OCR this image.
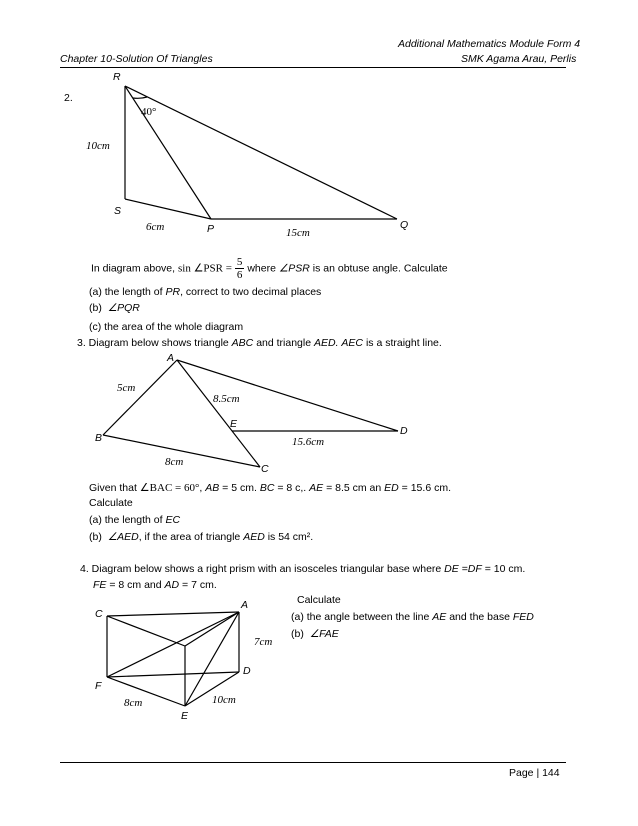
Additional Mathematics Module Form 4
Chapter 10-Solution Of Triangles	SMK Agama Arau, Perlis
2.
R
40°
10cm
S
6cm	P	15cm
Q
In diagram above, sin ∠PSR = $\frac{5}{6}$ where ∠PSR is an obtuse angle. Calculate
(a) the length of PR, correct to two decimal places
(b) ∠PQR
(c) the area of the whole diagram
3. Diagram below shows triangle ABC and triangle AED. AEC is a straight line.
A
5cm
8.5cm
E
D
B	15.6cm
8cm
C
Given that ∠BAC = 60°, AB = 5 cm. BC = 8 c,. AE = 8.5 cm an ED = 15.6 cm.
Calculate
(a) the length of EC
(b) ∠AED, if the area of triangle AED is 54 cm².
4. Diagram below shows a right prism with an isosceles triangular base where DE =DF = 10 cm.
FE = 8 cm and AD = 7 cm.
Calculate
(a) the angle between the line AE and the base FED
(b) ∠FAE
A
C
7cm
D
F
8cm	10cm
E
Page | 144
